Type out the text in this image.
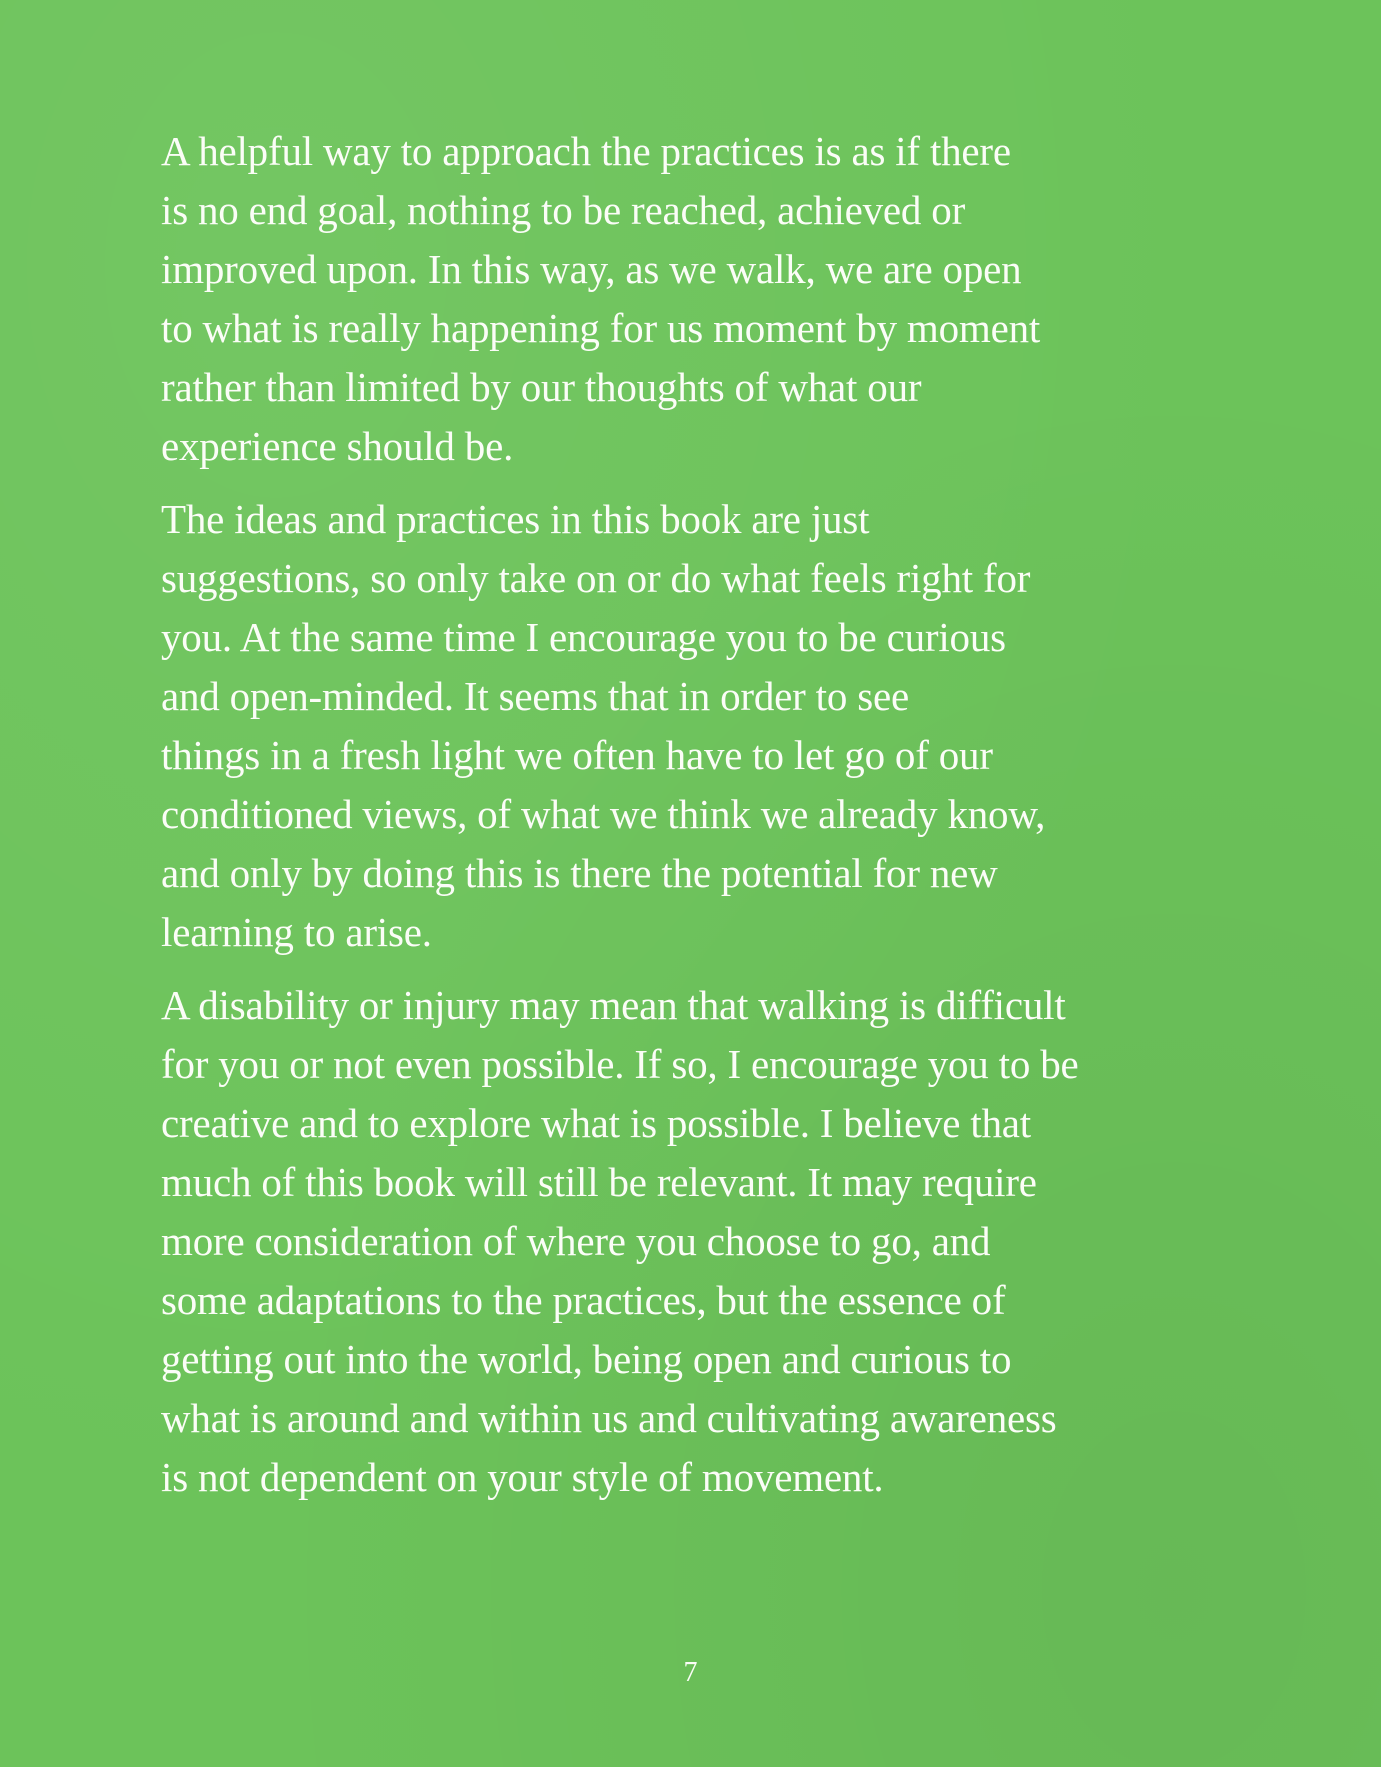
A helpful way to approach the practices is as if there
is no end goal, nothing to be reached, achieved or
improved upon. In this way, as we walk, we are open
to what is really happening for us moment by moment
rather than limited by our thoughts of what our
experience should be.

The ideas and practices in this book are just
suggestions, so only take on or do what feels right for
you. At the same time I encourage you to be curious
and open-minded. It seems that in order to see
things in a fresh light we often have to let go of our
conditioned views, of what we think we already know,
and only by doing this is there the potential for new
learning to arise.

A disability or injury may mean that walking is difficult
for you or not even possible. If so, I encourage you to be
creative and to explore what is possible. I believe that
much of this book will still be relevant. It may require
more consideration of where you choose to go, and
some adaptations to the practices, but the essence of
getting out into the world, being open and curious to
what is around and within us and cultivating awareness
is not dependent on your style of movement.

7
